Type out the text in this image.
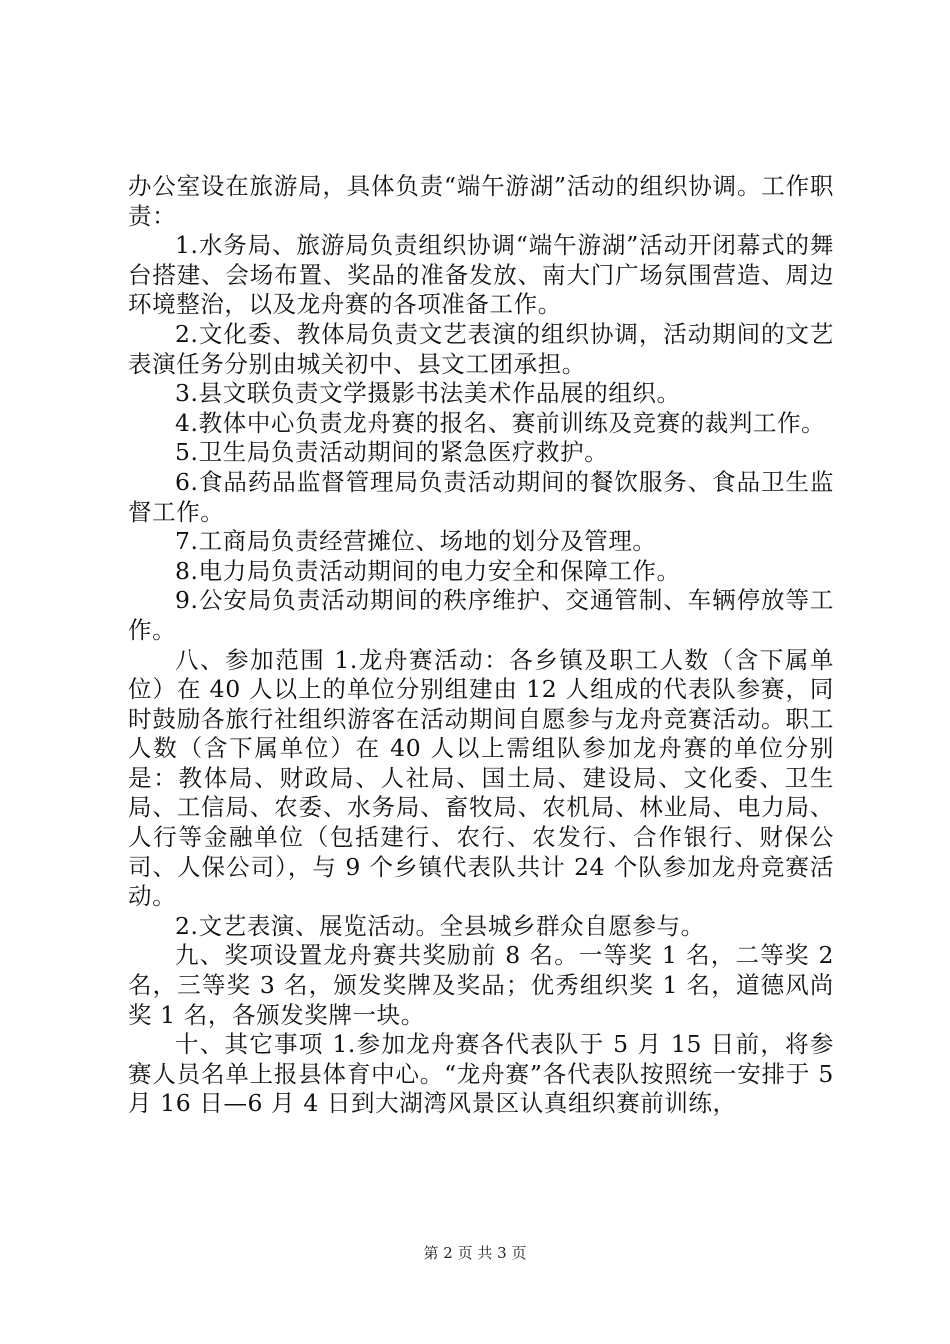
办公室设在旅游局，具体负责“端午游湖”活动的组织协调。工作职责：

1.水务局、旅游局负责组织协调“端午游湖”活动开闭幕式的舞台搭建、会场布置、奖品的准备发放、南大门广场氛围营造、周边环境整治，以及龙舟赛的各项准备工作。

2.文化委、教体局负责文艺表演的组织协调，活动期间的文艺表演任务分别由城关初中、县文工团承担。

3.县文联负责文学摄影书法美术作品展的组织。

4.教体中心负责龙舟赛的报名、赛前训练及竞赛的裁判工作。

5.卫生局负责活动期间的紧急医疗救护。

6.食品药品监督管理局负责活动期间的餐饮服务、食品卫生监督工作。

7.工商局负责经营摊位、场地的划分及管理。

8.电力局负责活动期间的电力安全和保障工作。

9.公安局负责活动期间的秩序维护、交通管制、车辆停放等工作。

八、参加范围 1.龙舟赛活动：各乡镇及职工人数（含下属单位）在 40 人以上的单位分别组建由 12 人组成的代表队参赛，同时鼓励各旅行社组织游客在活动期间自愿参与龙舟竞赛活动。职工人数（含下属单位）在 40 人以上需组队参加龙舟赛的单位分别是：教体局、财政局、人社局、国土局、建设局、文化委、卫生局、工信局、农委、水务局、畜牧局、农机局、林业局、电力局、人行等金融单位（包括建行、农行、农发行、合作银行、财保公司、人保公司），与 9 个乡镇代表队共计 24 个队参加龙舟竞赛活动。

2.文艺表演、展览活动。全县城乡群众自愿参与。

九、奖项设置龙舟赛共奖励前 8 名。一等奖 1 名，二等奖 2 名，三等奖 3 名，颁发奖牌及奖品；优秀组织奖 1 名，道德风尚奖 1 名，各颁发奖牌一块。

十、其它事项 1.参加龙舟赛各代表队于 5 月 15 日前，将参赛人员名单上报县体育中心。“龙舟赛”各代表队按照统一安排于 5 月 16 日—6 月 4 日到大湖湾风景区认真组织赛前训练，

第 2 页 共 3 页
